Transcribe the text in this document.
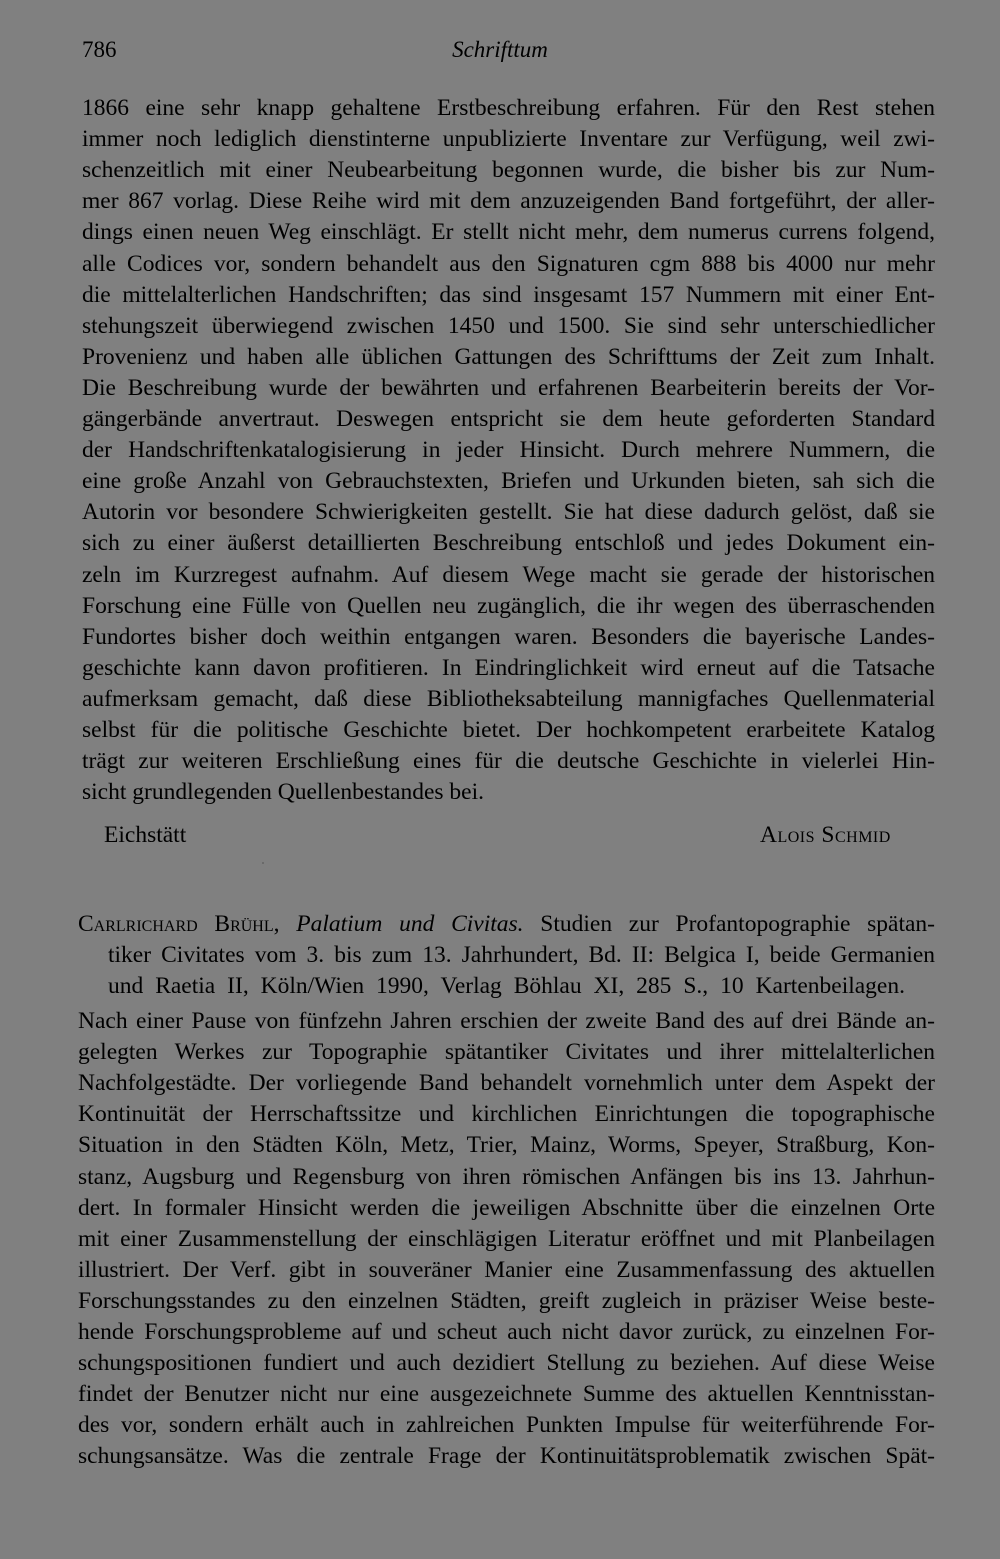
786	Schrifttum
1866 eine sehr knapp gehaltene Erstbeschreibung erfahren. Für den Rest stehen
immer noch lediglich dienstinterne unpublizierte Inventare zur Verfügung, weil zwi-
schenzeitlich mit einer Neubearbeitung begonnen wurde, die bisher bis zur Num-
mer 867 vorlag. Diese Reihe wird mit dem anzuzeigenden Band fortgeführt, der aller-
dings einen neuen Weg einschlägt. Er stellt nicht mehr, dem numerus currens folgend,
alle Codices vor, sondern behandelt aus den Signaturen cgm 888 bis 4000 nur mehr
die mittelalterlichen Handschriften; das sind insgesamt 157 Nummern mit einer Ent-
stehungszeit überwiegend zwischen 1450 und 1500. Sie sind sehr unterschiedlicher
Provenienz und haben alle üblichen Gattungen des Schrifttums der Zeit zum Inhalt.
Die Beschreibung wurde der bewährten und erfahrenen Bearbeiterin bereits der Vor-
gängerbände anvertraut. Deswegen entspricht sie dem heute geforderten Standard
der Handschriftenkatalogisierung in jeder Hinsicht. Durch mehrere Nummern, die
eine große Anzahl von Gebrauchstexten, Briefen und Urkunden bieten, sah sich die
Autorin vor besondere Schwierigkeiten gestellt. Sie hat diese dadurch gelöst, daß sie
sich zu einer äußerst detaillierten Beschreibung entschloß und jedes Dokument ein-
zeln im Kurzregest aufnahm. Auf diesem Wege macht sie gerade der historischen
Forschung eine Fülle von Quellen neu zugänglich, die ihr wegen des überraschenden
Fundortes bisher doch weithin entgangen waren. Besonders die bayerische Landes-
geschichte kann davon profitieren. In Eindringlichkeit wird erneut auf die Tatsache
aufmerksam gemacht, daß diese Bibliotheksabteilung mannigfaches Quellenmaterial
selbst für die politische Geschichte bietet. Der hochkompetent erarbeitete Katalog
trägt zur weiteren Erschließung eines für die deutsche Geschichte in vielerlei Hin-
sicht grundlegenden Quellenbestandes bei.
Eichstätt	Alois Schmid
Carlrichard Brühl, Palatium und Civitas. Studien zur Profantopographie spätan-
tiker Civitates vom 3. bis zum 13. Jahrhundert, Bd. II: Belgica I, beide Germanien
und Raetia II, Köln/Wien 1990, Verlag Böhlau XI, 285 S., 10 Kartenbeilagen.
Nach einer Pause von fünfzehn Jahren erschien der zweite Band des auf drei Bände an-
gelegten Werkes zur Topographie spätantiker Civitates und ihrer mittelalterlichen
Nachfolgestädte. Der vorliegende Band behandelt vornehmlich unter dem Aspekt der
Kontinuität der Herrschaftssitze und kirchlichen Einrichtungen die topographische
Situation in den Städten Köln, Metz, Trier, Mainz, Worms, Speyer, Straßburg, Kon-
stanz, Augsburg und Regensburg von ihren römischen Anfängen bis ins 13. Jahrhun-
dert. In formaler Hinsicht werden die jeweiligen Abschnitte über die einzelnen Orte
mit einer Zusammenstellung der einschlägigen Literatur eröffnet und mit Planbeilagen
illustriert. Der Verf. gibt in souveräner Manier eine Zusammenfassung des aktuellen
Forschungsstandes zu den einzelnen Städten, greift zugleich in präziser Weise beste-
hende Forschungsprobleme auf und scheut auch nicht davor zurück, zu einzelnen For-
schungspositionen fundiert und auch dezidiert Stellung zu beziehen. Auf diese Weise
findet der Benutzer nicht nur eine ausgezeichnete Summe des aktuellen Kenntnisstan-
des vor, sondern erhält auch in zahlreichen Punkten Impulse für weiterführende For-
schungsansätze. Was die zentrale Frage der Kontinuitätsproblematik zwischen Spät-
